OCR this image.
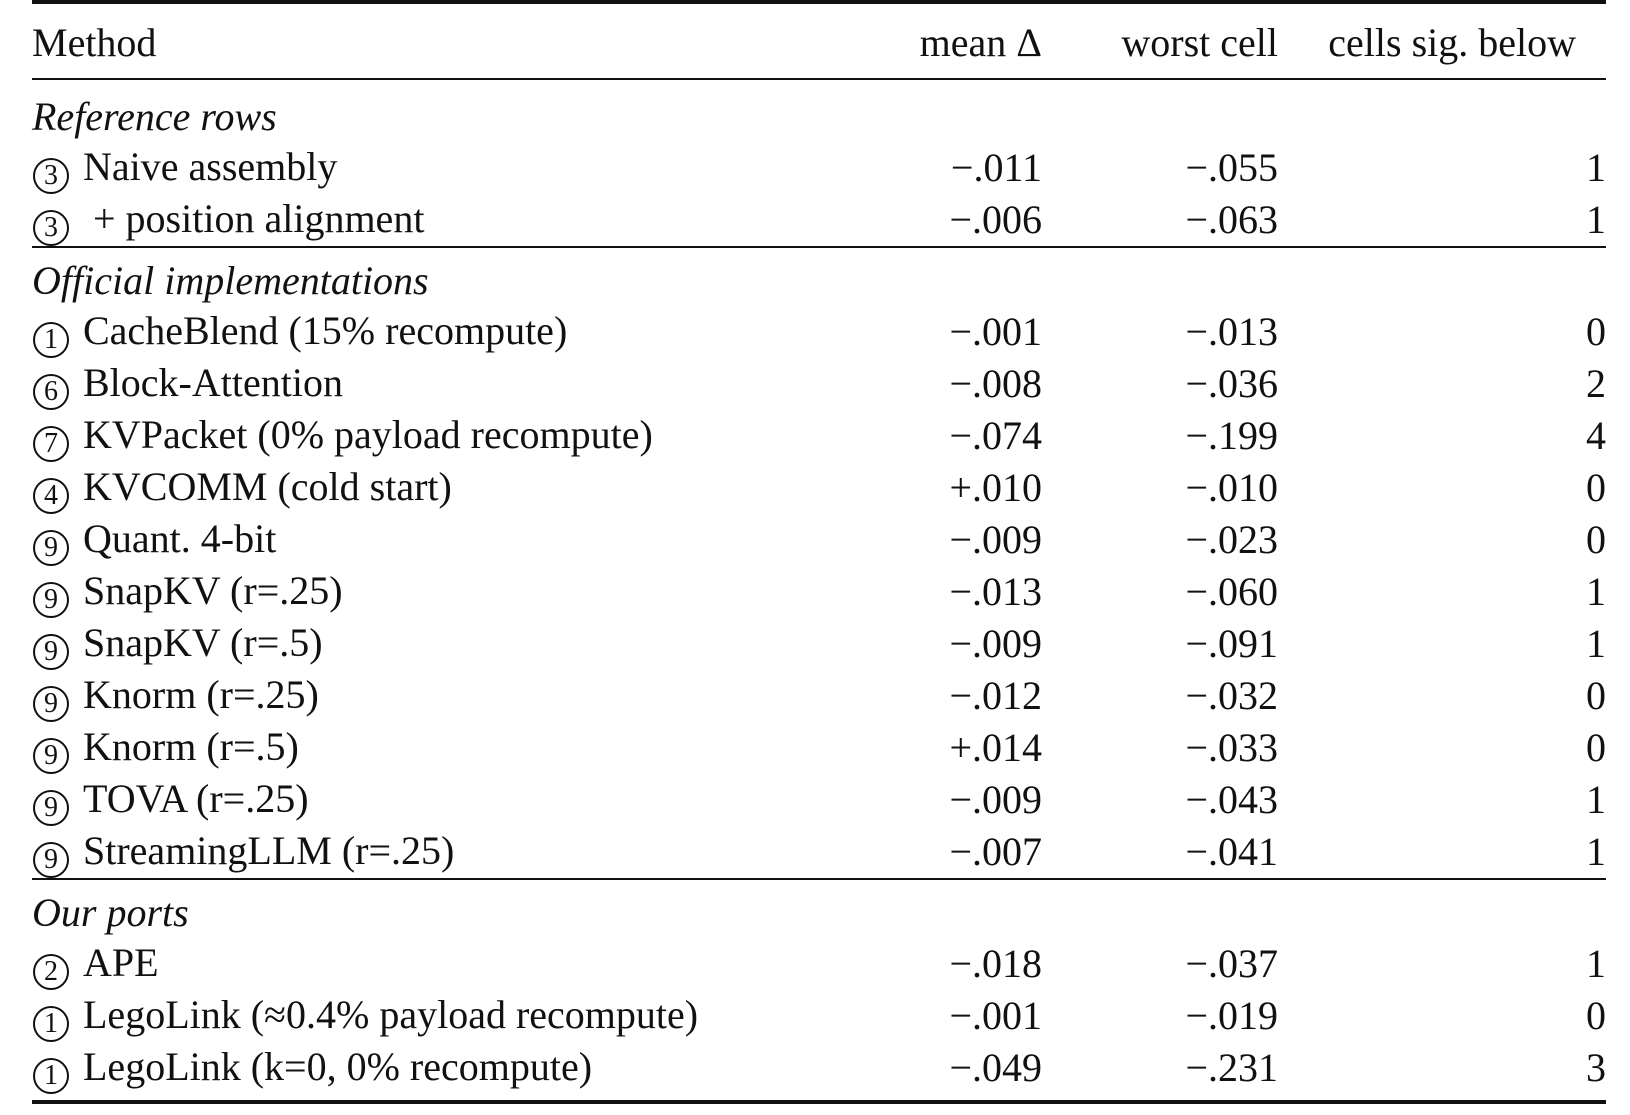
Method	mean Δ	worst cell	cells sig. below
Reference rows			
3 Naive assembly	−.011	−.055	1
3 + position alignment	−.006	−.063	1
Official implementations			
1 CacheBlend (15% recompute)	−.001	−.013	0
6 Block-Attention	−.008	−.036	2
7 KVPacket (0% payload recompute)	−.074	−.199	4
4 KVCOMM (cold start)	+.010	−.010	0
9 Quant. 4-bit	−.009	−.023	0
9 SnapKV (r=.25)	−.013	−.060	1
9 SnapKV (r=.5)	−.009	−.091	1
9 Knorm (r=.25)	−.012	−.032	0
9 Knorm (r=.5)	+.014	−.033	0
9 TOVA (r=.25)	−.009	−.043	1
9 StreamingLLM (r=.25)	−.007	−.041	1
Our ports			
2 APE	−.018	−.037	1
1 LegoLink (≈0.4% payload recompute)	−.001	−.019	0
1 LegoLink (k=0, 0% recompute)	−.049	−.231	3
